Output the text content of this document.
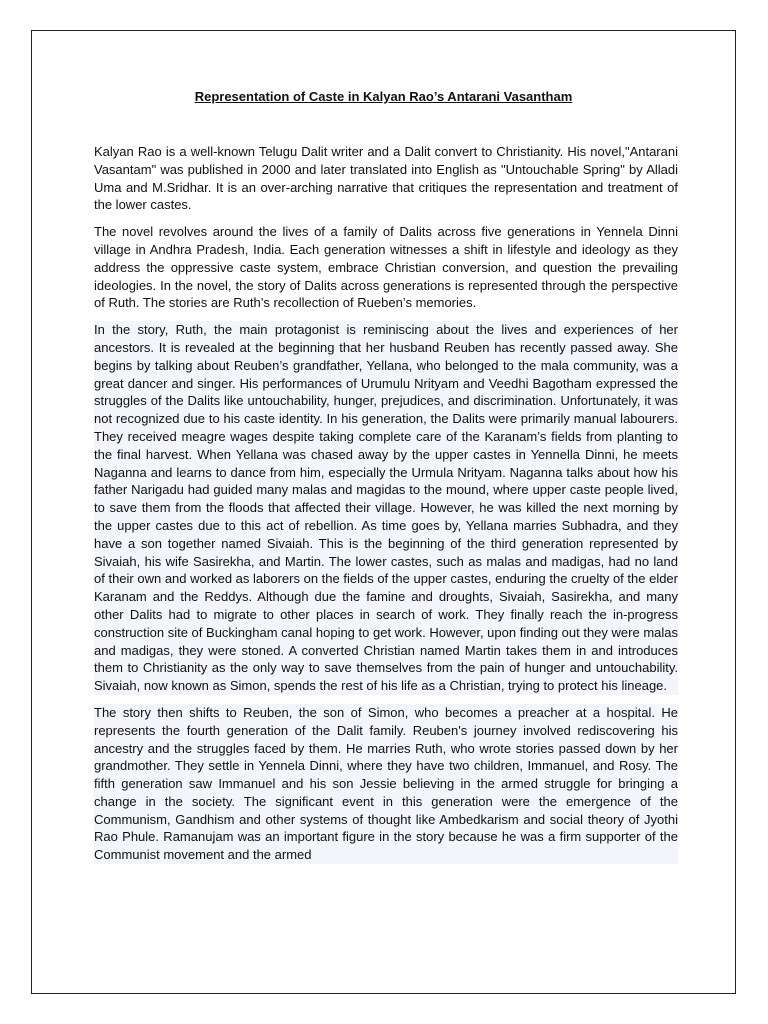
Representation of Caste in Kalyan Rao’s Antarani Vasantham

Kalyan Rao is a well-known Telugu Dalit writer and a Dalit convert to Christianity. His novel,"Antarani Vasantam" was published in 2000 and later translated into English as "Untouchable Spring" by Alladi Uma and M.Sridhar. It is an over-arching narrative that critiques the representation and treatment of the lower castes.

The novel revolves around the lives of a family of Dalits across five generations in Yennela Dinni village in Andhra Pradesh, India. Each generation witnesses a shift in lifestyle and ideology as they address the oppressive caste system, embrace Christian conversion, and question the prevailing ideologies. In the novel, the story of Dalits across generations is represented through the perspective of Ruth. The stories are Ruth’s recollection of Rueben’s memories.

In the story, Ruth, the main protagonist is reminiscing about the lives and experiences of her ancestors. It is revealed at the beginning that her husband Reuben has recently passed away. She begins by talking about Reuben’s grandfather, Yellana, who belonged to the mala community, was a great dancer and singer. His performances of Urumulu Nrityam and Veedhi Bagotham expressed the struggles of the Dalits like untouchability, hunger, prejudices, and discrimination. Unfortunately, it was not recognized due to his caste identity. In his generation, the Dalits were primarily manual labourers. They received meagre wages despite taking complete care of the Karanam’s fields from planting to the final harvest. When Yellana was chased away by the upper castes in Yennella Dinni, he meets Naganna and learns to dance from him, especially the Urmula Nrityam. Naganna talks about how his father Narigadu had guided many malas and magidas to the mound, where upper caste people lived, to save them from the floods that affected their village. However, he was killed the next morning by the upper castes due to this act of rebellion. As time goes by, Yellana marries Subhadra, and they have a son together named Sivaiah. This is the beginning of the third generation represented by Sivaiah, his wife Sasirekha, and Martin. The lower castes, such as malas and madigas, had no land of their own and worked as laborers on the fields of the upper castes, enduring the cruelty of the elder Karanam and the Reddys. Although due the famine and droughts, Sivaiah, Sasirekha, and many other Dalits had to migrate to other places in search of work. They finally reach the in-progress construction site of Buckingham canal hoping to get work. However, upon finding out they were malas and madigas, they were stoned. A converted Christian named Martin takes them in and introduces them to Christianity as the only way to save themselves from the pain of hunger and untouchability. Sivaiah, now known as Simon, spends the rest of his life as a Christian, trying to protect his lineage.

The story then shifts to Reuben, the son of Simon, who becomes a preacher at a hospital. He represents the fourth generation of the Dalit family. Reuben's journey involved rediscovering his ancestry and the struggles faced by them. He marries Ruth, who wrote stories passed down by her grandmother. They settle in Yennela Dinni, where they have two children, Immanuel, and Rosy. The fifth generation saw Immanuel and his son Jessie believing in the armed struggle for bringing a change in the society. The significant event in this generation were the emergence of the Communism, Gandhism and other systems of thought like Ambedkarism and social theory of Jyothi Rao Phule. Ramanujam was an important figure in the story because he was a firm supporter of the Communist movement and the armed
